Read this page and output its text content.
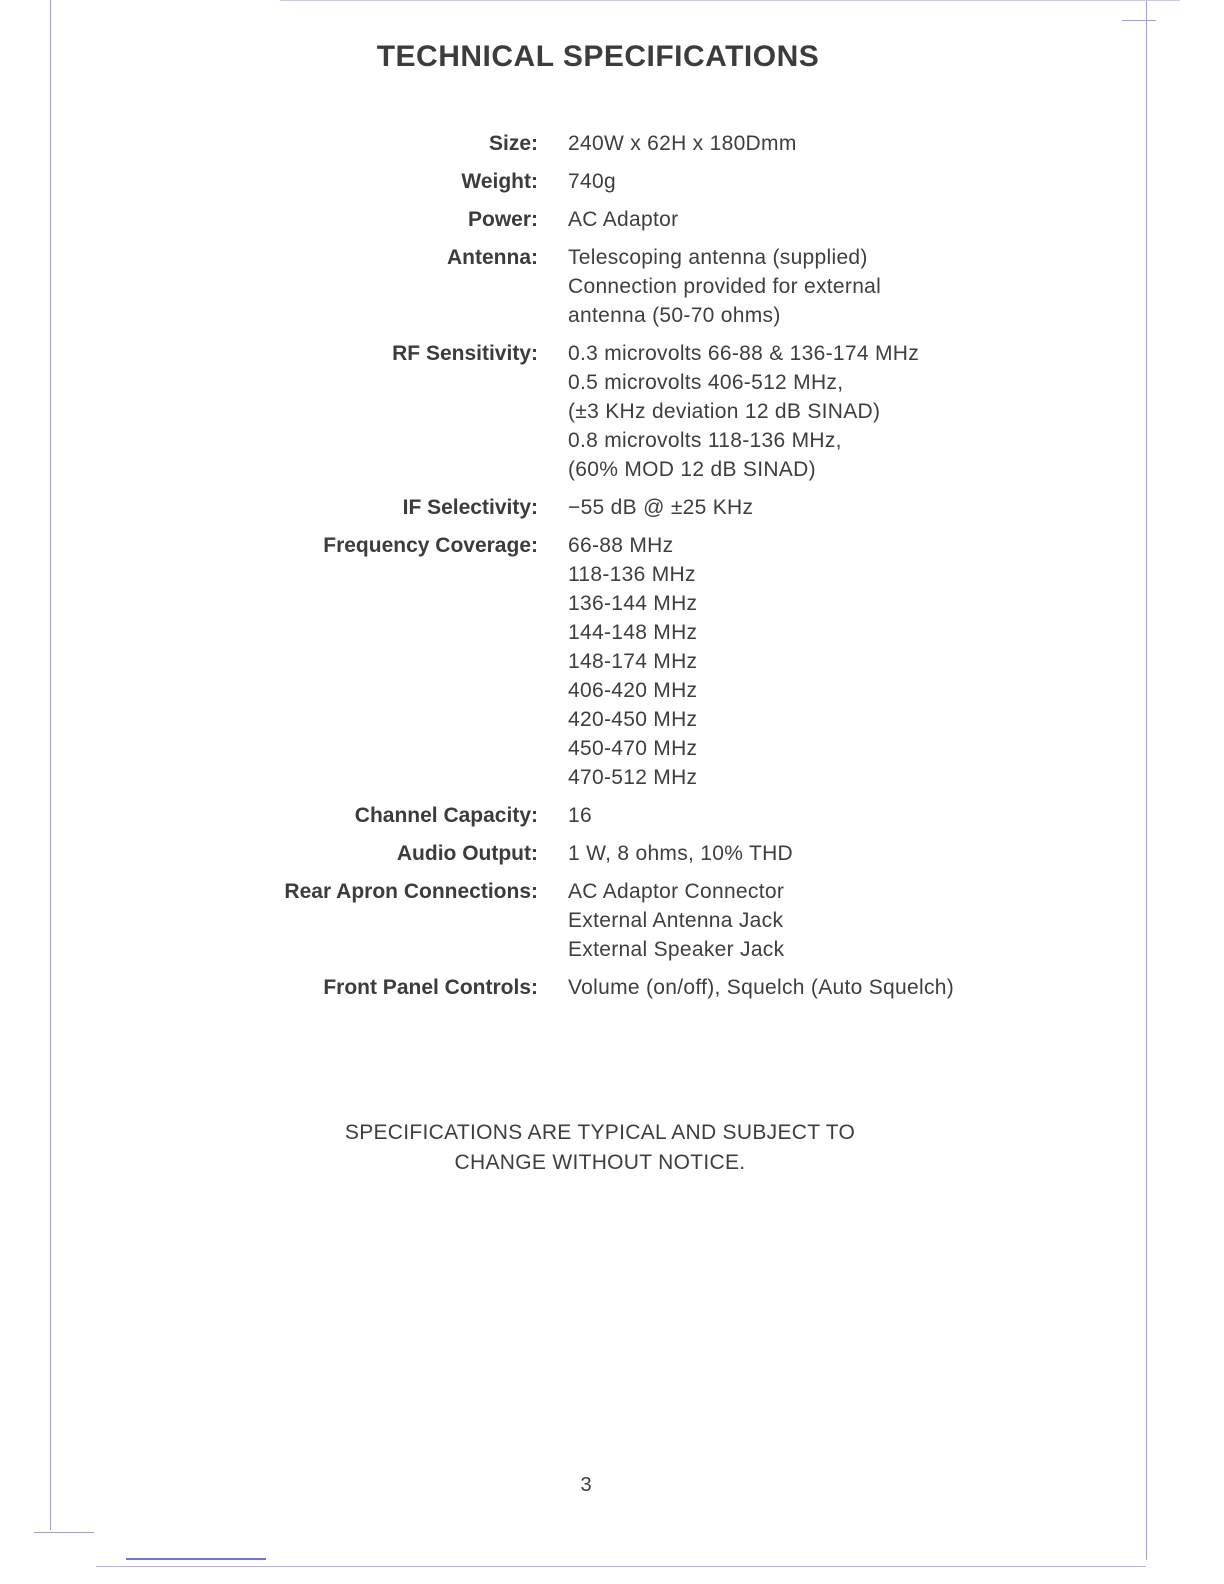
TECHNICAL SPECIFICATIONS
Size: 240W x 62H x 180Dmm
Weight: 740g
Power: AC Adaptor
Antenna: Telescoping antenna (supplied)
Connection provided for external
antenna (50-70 ohms)
RF Sensitivity: 0.3 microvolts 66-88 & 136-174 MHz
0.5 microvolts 406-512 MHz,
(±3 KHz deviation 12 dB SINAD)
0.8 microvolts 118-136 MHz,
(60% MOD 12 dB SINAD)
IF Selectivity: −55 dB @ ±25 KHz
Frequency Coverage: 66-88 MHz
118-136 MHz
136-144 MHz
144-148 MHz
148-174 MHz
406-420 MHz
420-450 MHz
450-470 MHz
470-512 MHz
Channel Capacity: 16
Audio Output: 1 W, 8 ohms, 10% THD
Rear Apron Connections: AC Adaptor Connector
External Antenna Jack
External Speaker Jack
Front Panel Controls: Volume (on/off), Squelch (Auto Squelch)
SPECIFICATIONS ARE TYPICAL AND SUBJECT TO
CHANGE WITHOUT NOTICE.
3
